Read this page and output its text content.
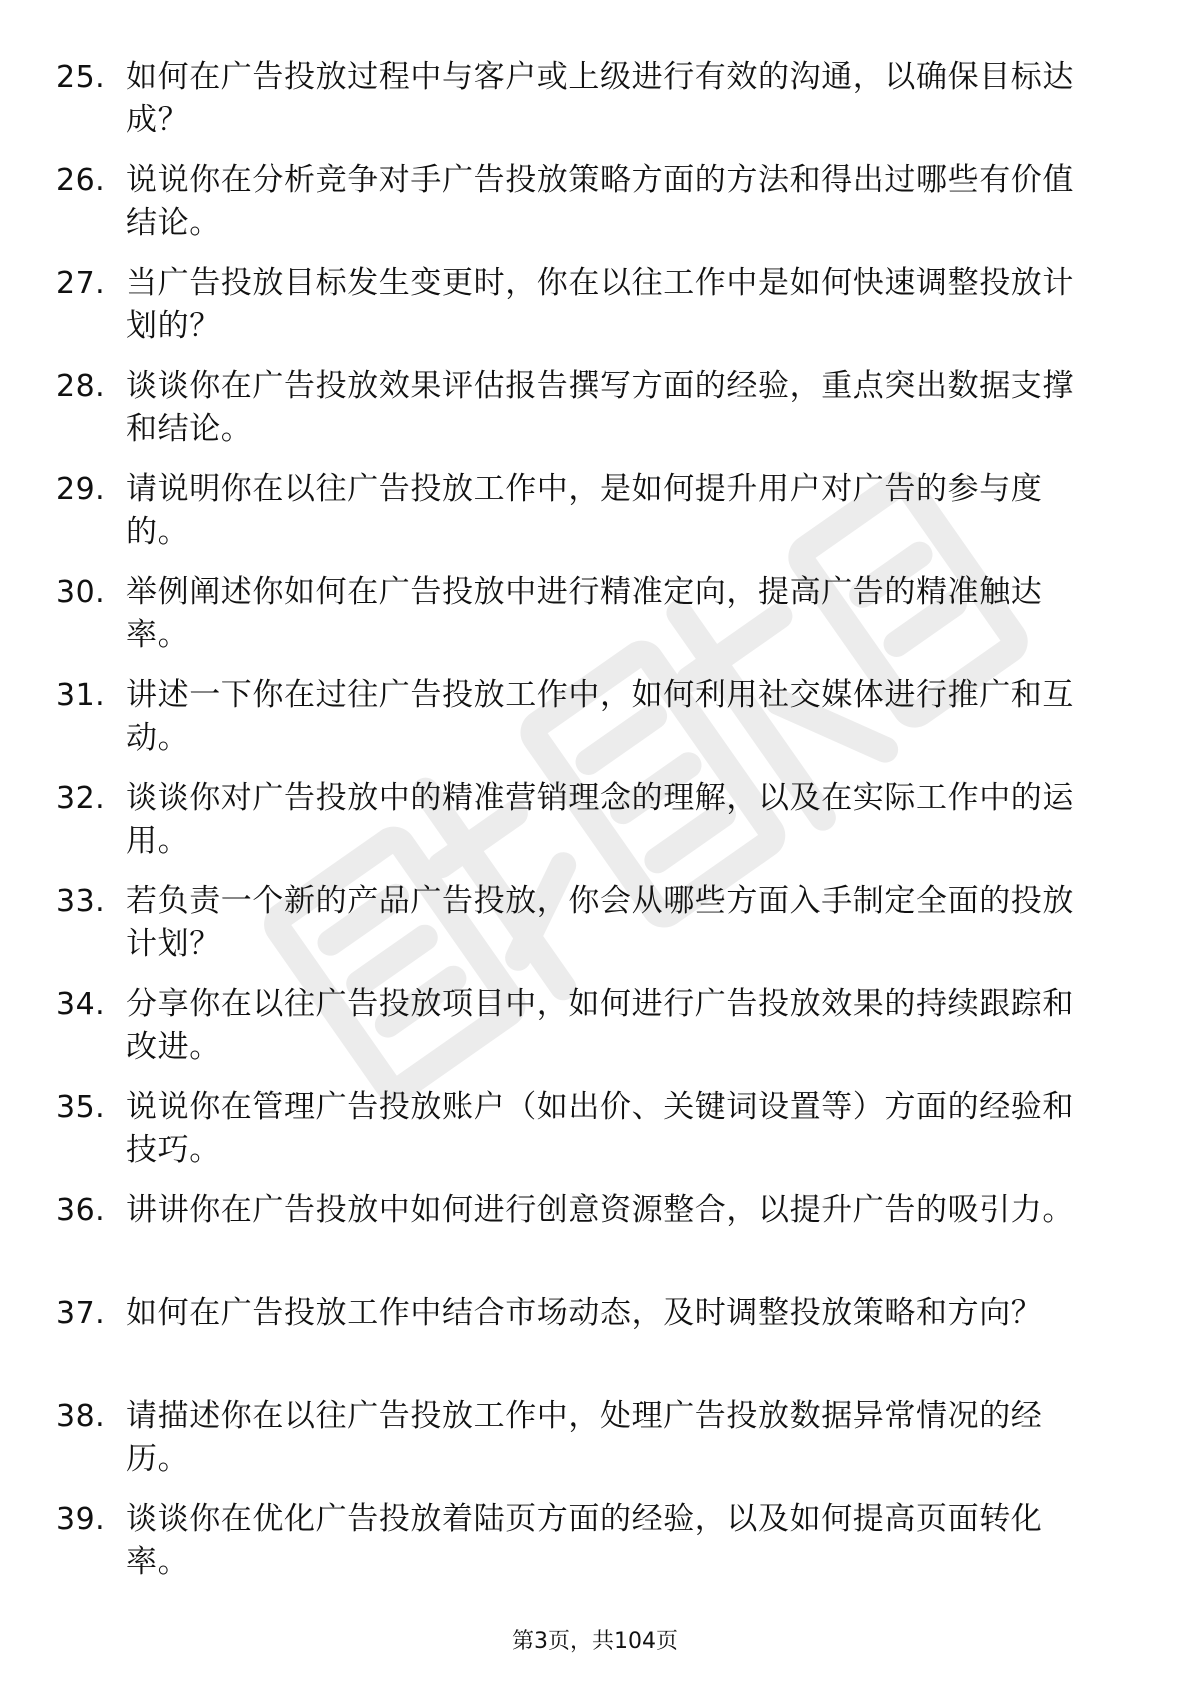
25. 如何在广告投放过程中与客户或上级进行有效的沟通，以确保目标达成？
26. 说说你在分析竞争对手广告投放策略方面的方法和得出过哪些有价值结论。
27. 当广告投放目标发生变更时，你在以往工作中是如何快速调整投放计划的？
28. 谈谈你在广告投放效果评估报告撰写方面的经验，重点突出数据支撑和结论。
29. 请说明你在以往广告投放工作中，是如何提升用户对广告的参与度的。
30. 举例阐述你如何在广告投放中进行精准定向，提高广告的精准触达率。
31. 讲述一下你在过往广告投放工作中，如何利用社交媒体进行推广和互动。
32. 谈谈你对广告投放中的精准营销理念的理解，以及在实际工作中的运用。
33. 若负责一个新的产品广告投放，你会从哪些方面入手制定全面的投放计划？
34. 分享你在以往广告投放项目中，如何进行广告投放效果的持续跟踪和改进。
35. 说说你在管理广告投放账户（如出价、关键词设置等）方面的经验和技巧。
36. 讲讲你在广告投放中如何进行创意资源整合，以提升广告的吸引力。
37. 如何在广告投放工作中结合市场动态，及时调整投放策略和方向？
38. 请描述你在以往广告投放工作中，处理广告投放数据异常情况的经历。
39. 谈谈你在优化广告投放着陆页方面的经验，以及如何提高页面转化率。
第3页，共104页
